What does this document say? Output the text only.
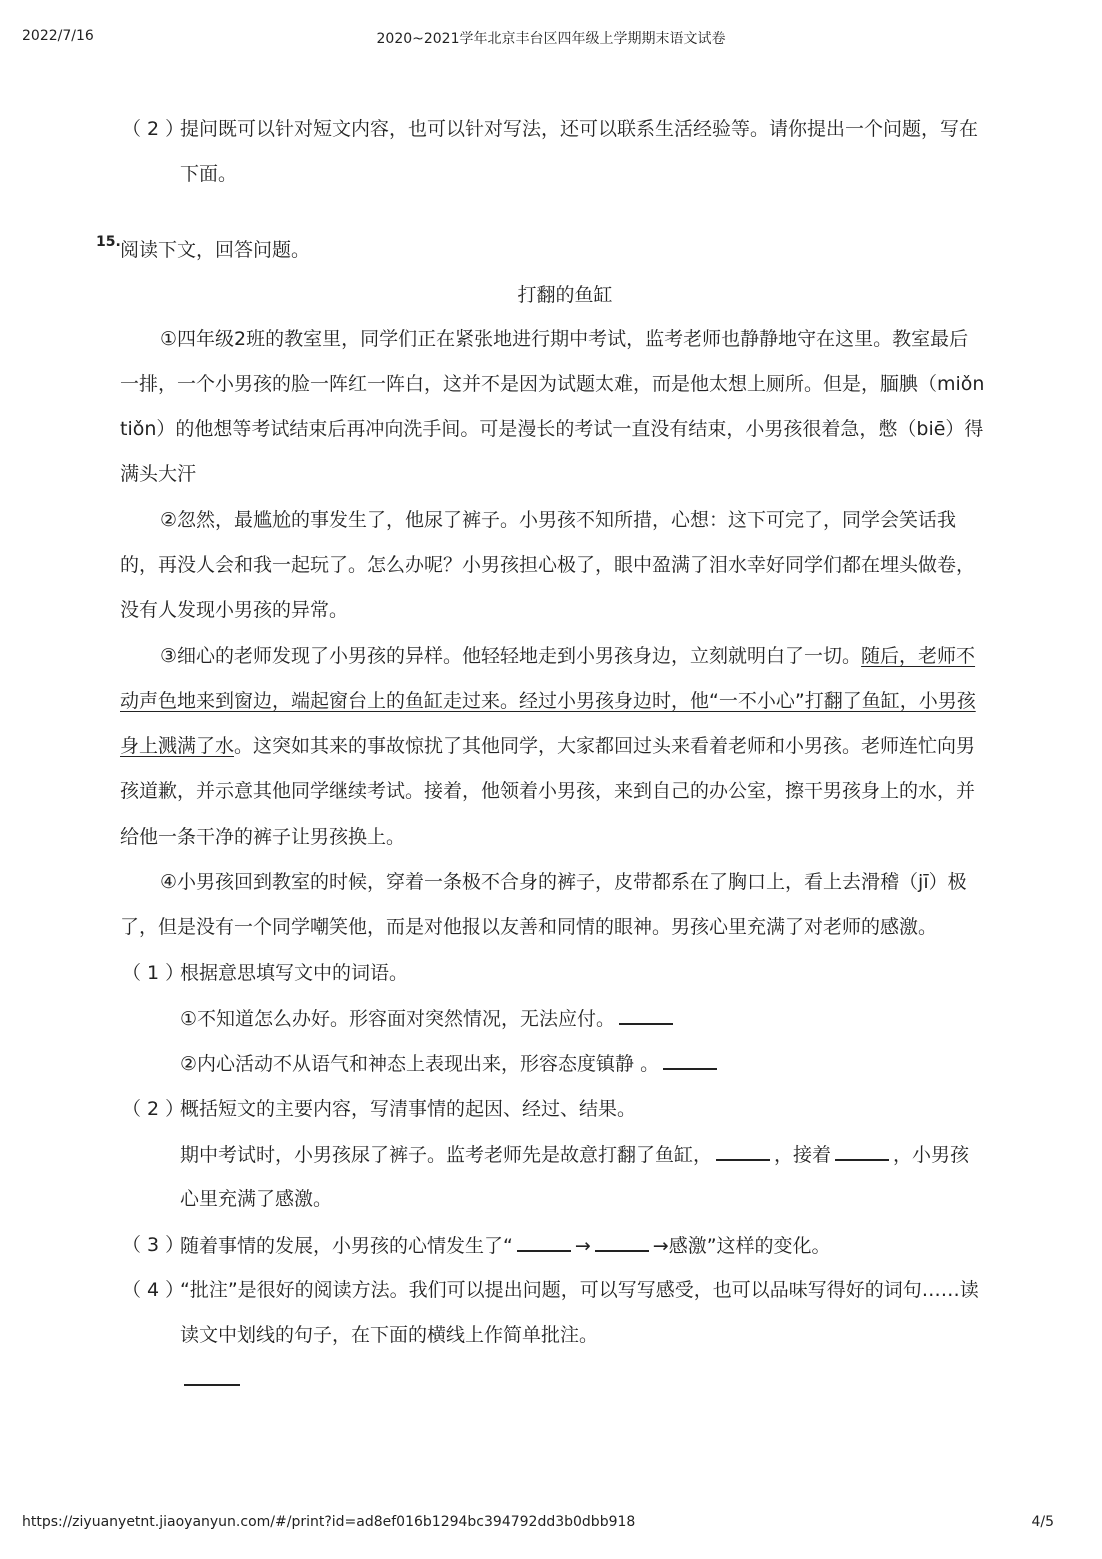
2022/7/16	2020~2021学年北京丰台区四年级上学期期末语文试卷
（ 2 ）
提问既可以针对短文内容，也可以针对写法，还可以联系生活经验等。请你提出一个问题，写在
下面。
15. 阅读下文，回答问题。
打翻的鱼缸
①四年级2班的教室里，同学们正在紧张地进行期中考试，监考老师也静静地守在这里。教室最后
一排，一个小男孩的脸一阵红一阵白，这并不是因为试题太难，而是他太想上厕所。但是，腼腆（miǒn
tiǒn）的他想等考试结束后再冲向洗手间。可是漫长的考试一直没有结束，小男孩很着急，憋（biē）得
满头大汗
②忽然，最尴尬的事发生了，他尿了裤子。小男孩不知所措，心想：这下可完了，同学会笑话我
的，再没人会和我一起玩了。怎么办呢？小男孩担心极了，眼中盈满了泪水幸好同学们都在埋头做卷，
没有人发现小男孩的异常。
③细心的老师发现了小男孩的异样。他轻轻地走到小男孩身边，立刻就明白了一切。随后，老师不
动声色地来到窗边，端起窗台上的鱼缸走过来。经过小男孩身边时，他“一不小心”打翻了鱼缸，小男孩
身上溅满了水。这突如其来的事故惊扰了其他同学，大家都回过头来看着老师和小男孩。老师连忙向男
孩道歉，并示意其他同学继续考试。接着，他领着小男孩，来到自己的办公室，擦干男孩身上的水，并
给他一条干净的裤子让男孩换上。
④小男孩回到教室的时候，穿着一条极不合身的裤子，皮带都系在了胸口上，看上去滑稽（jī）极
了，但是没有一个同学嘲笑他，而是对他报以友善和同情的眼神。男孩心里充满了对老师的感激。
（ 1 ）
根据意思填写文中的词语。
①不知道怎么办好。形容面对突然情况，无法应付。
②内心活动不从语气和神态上表现出来，形容态度镇静 。
（ 2 ）
概括短文的主要内容，写清事情的起因、经过、结果。
期中考试时，小男孩尿了裤子。监考老师先是故意打翻了鱼缸，	，接着	，小男孩
心里充满了感激。
（ 3 ）
随着事情的发展，小男孩的心情发生了“	→	→感激”这样的变化。
（ 4 ）
“批注”是很好的阅读方法。我们可以提出问题，可以写写感受，也可以品味写得好的词句……读
读文中划线的句子，在下面的横线上作简单批注。
https://ziyuanyetnt.jiaoyanyun.com/#/print?id=ad8ef016b1294bc394792dd3b0dbb918	4/5
